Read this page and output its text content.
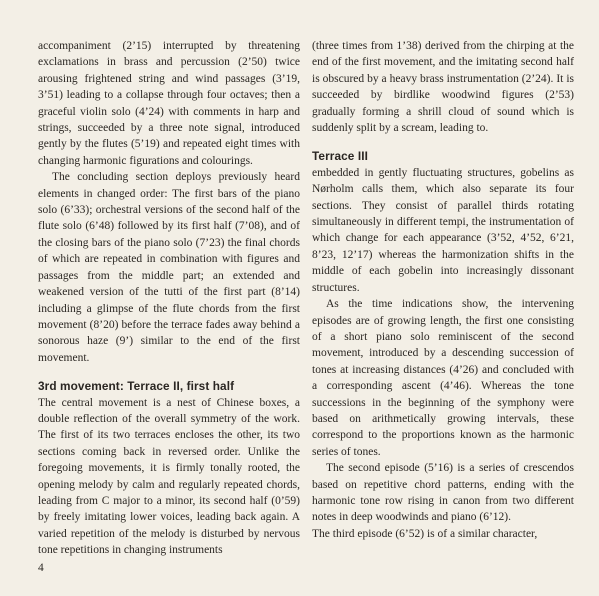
accompaniment (2’15) interrupted by threatening exclamations in brass and percussion (2’50) twice arousing frightened string and wind passages (3’19, 3’51) leading to a collapse through four octaves; then a graceful violin solo (4’24) with comments in harp and strings, succeeded by a three note signal, introduced gently by the flutes (5’19) and repeated eight times with changing harmonic figurations and colourings.

The concluding section deploys previously heard elements in changed order: The first bars of the piano solo (6’33); orchestral versions of the second half of the flute solo (6’48) followed by its first half (7’08), and of the closing bars of the piano solo (7’23) the final chords of which are repeated in combination with figures and passages from the middle part; an extended and weakened version of the tutti of the first part (8’14) including a glimpse of the flute chords from the first movement (8’20) before the terrace fades away behind a sonorous haze (9’) similar to the end of the first movement.

3rd movement: Terrace II, first half

The central movement is a nest of Chinese boxes, a double reflection of the overall symmetry of the work. The first of its two terraces encloses the other, its two sections coming back in reversed order. Unlike the foregoing movements, it is firmly tonally rooted, the opening melody by calm and regularly repeated chords, leading from C major to a minor, its second half (0’59) by freely imitating lower voices, leading back again. A varied repetition of the melody is disturbed by nervous tone repetitions in changing instruments

(three times from 1’38) derived from the chirping at the end of the first movement, and the imitating second half is obscured by a heavy brass instrumentation (2’24). It is succeeded by birdlike woodwind figures (2’53) gradually forming a shrill cloud of sound which is suddenly split by a scream, leading to.

Terrace III

embedded in gently fluctuating structures, gobelins as Nørholm calls them, which also separate its four sections. They consist of parallel thirds rotating simultaneously in different tempi, the instrumentation of which change for each appearance (3’52, 4’52, 6’21, 8’23, 12’17) whereas the harmonization shifts in the middle of each gobelin into increasingly dissonant structures.

As the time indications show, the intervening episodes are of growing length, the first one consisting of a short piano solo reminiscent of the second movement, introduced by a descending succession of tones at increasing distances (4’26) and concluded with a corresponding ascent (4’46). Whereas the tone successions in the beginning of the symphony were based on arithmetically growing intervals, these correspond to the proportions known as the harmonic series of tones.

The second episode (5’16) is a series of crescendos based on repetitive chord patterns, ending with the harmonic tone row rising in canon from two different notes in deep woodwinds and piano (6’12).

The third episode (6’52) is of a similar character,

4
